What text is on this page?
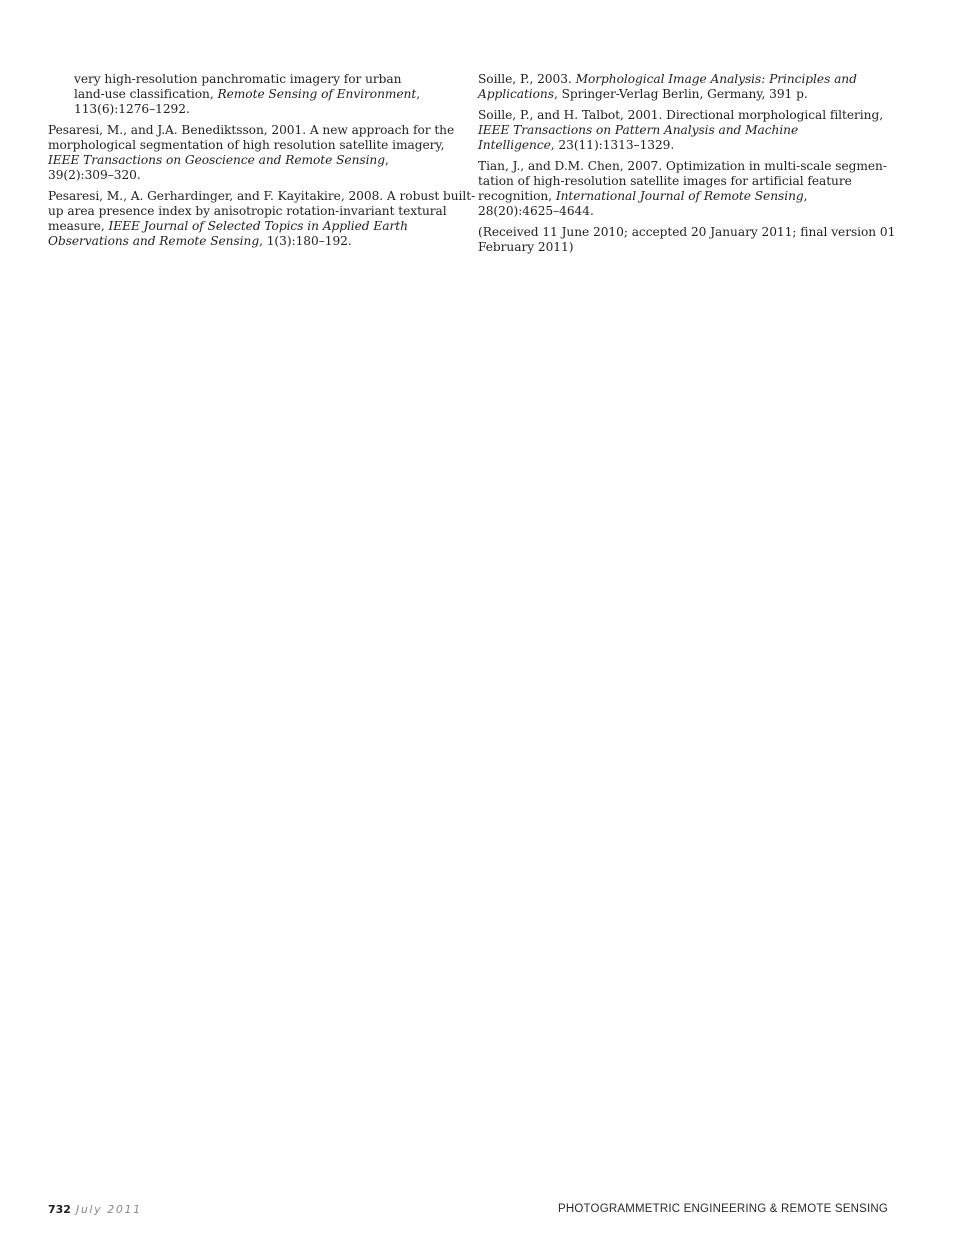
very high-resolution panchromatic imagery for urban
land-use classification, Remote Sensing of Environment,
113(6):1276–1292.
Pesaresi, M., and J.A. Benediktsson, 2001. A new approach for the
morphological segmentation of high resolution satellite imagery,
IEEE Transactions on Geoscience and Remote Sensing,
39(2):309–320.
Pesaresi, M., A. Gerhardinger, and F. Kayitakire, 2008. A robust built-
up area presence index by anisotropic rotation-invariant textural
measure, IEEE Journal of Selected Topics in Applied Earth
Observations and Remote Sensing, 1(3):180–192.
Soille, P., 2003. Morphological Image Analysis: Principles and
Applications, Springer-Verlag Berlin, Germany, 391 p.
Soille, P., and H. Talbot, 2001. Directional morphological filtering,
IEEE Transactions on Pattern Analysis and Machine
Intelligence, 23(11):1313–1329.
Tian, J., and D.M. Chen, 2007. Optimization in multi-scale segmen-
tation of high-resolution satellite images for artificial feature
recognition, International Journal of Remote Sensing,
28(20):4625–4644.
(Received 11 June 2010; accepted 20 January 2011; final version 01
February 2011)
732 July 2011	PHOTOGRAMMETRIC ENGINEERING & REMOTE SENSING
